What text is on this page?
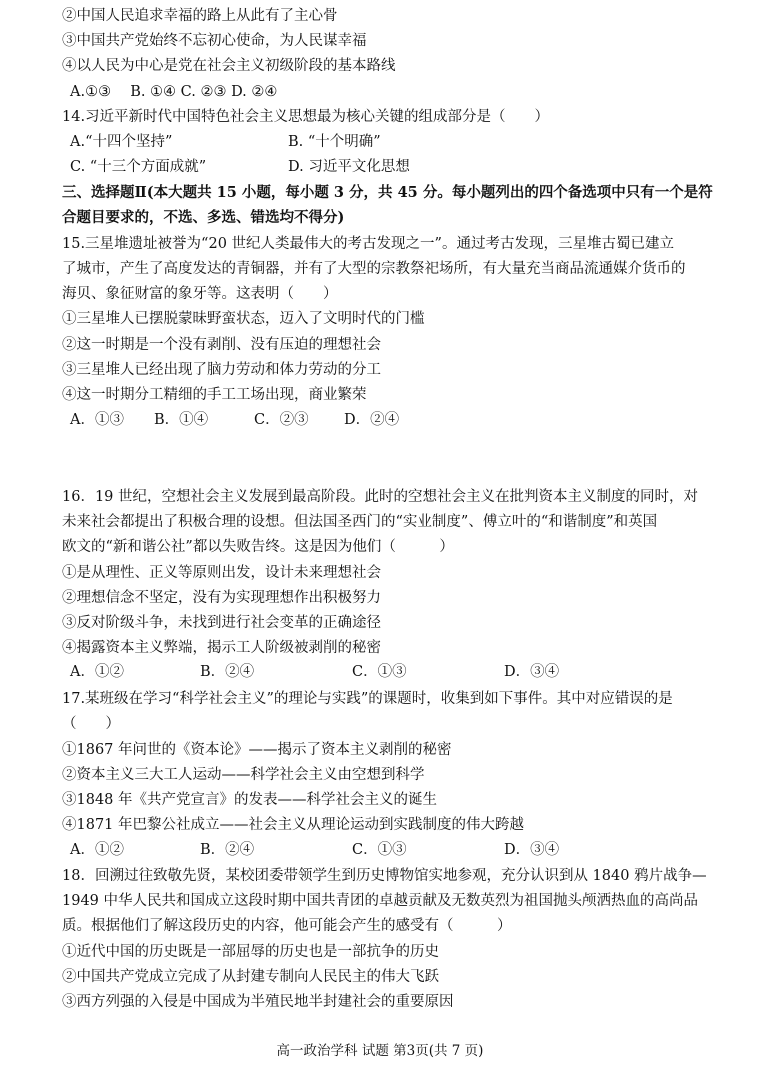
②中国人民追求幸福的路上从此有了主心骨
③中国共产党始终不忘初心使命，为人民谋幸福
④以人民为中心是党在社会主义初级阶段的基本路线
A.①③　 B. ①④ C. ②③ D. ②④
14.习近平新时代中国特色社会主义思想最为核心关键的组成部分是（　　）
A.“十四个坚持”	B. “十个明确”
C. “十三个方面成就”	D. 习近平文化思想
三、选择题Ⅱ(本大题共 15 小题，每小题 3 分，共 45 分。每小题列出的四个备选项中只有一个是符
合题目要求的，不选、多选、错选均不得分)
15.三星堆遗址被誉为“20 世纪人类最伟大的考古发现之一”。通过考古发现，三星堆古蜀已建立
了城市，产生了高度发达的青铜器，并有了大型的宗教祭祀场所，有大量充当商品流通媒介货币的
海贝、象征财富的象牙等。这表明（　　）
①三星堆人已摆脱蒙昧野蛮状态，迈入了文明时代的门槛
②这一时期是一个没有剥削、没有压迫的理想社会
③三星堆人已经出现了脑力劳动和体力劳动的分工
④这一时期分工精细的手工工场出现，商业繁荣
A．①③ B．①④	C．②③ D．②④
16．19 世纪，空想社会主义发展到最高阶段。此时的空想社会主义在批判资本主义制度的同时，对
未来社会都提出了积极合理的设想。但法国圣西门的“实业制度”、傅立叶的“和谐制度”和英国
欧文的“新和谐公社”都以失败告终。这是因为他们（　　　）
①是从理性、正义等原则出发，设计未来理想社会
②理想信念不坚定，没有为实现理想作出积极努力
③反对阶级斗争，未找到进行社会变革的正确途径
④揭露资本主义弊端，揭示工人阶级被剥削的秘密
A．①②	B．②④	C．①③	D．③④
17.某班级在学习“科学社会主义”的理论与实践”的课题时，收集到如下事件。其中对应错误的是
（　　）
①1867 年问世的《资本论》——揭示了资本主义剥削的秘密
②资本主义三大工人运动——科学社会主义由空想到科学
③1848 年《共产党宣言》的发表——科学社会主义的诞生
④1871 年巴黎公社成立——社会主义从理论运动到实践制度的伟大跨越
A．①②	B．②④	C．①③	D．③④
18．回溯过往致敬先贤，某校团委带领学生到历史博物馆实地参观，充分认识到从 1840 鸦片战争—
1949 中华人民共和国成立这段时期中国共青团的卓越贡献及无数英烈为祖国抛头颅洒热血的高尚品
质。根据他们了解这段历史的内容，他可能会产生的感受有（　　　）
①近代中国的历史既是一部屈辱的历史也是一部抗争的历史
②中国共产党成立完成了从封建专制向人民民主的伟大飞跃
③西方列强的入侵是中国成为半殖民地半封建社会的重要原因
高一政治学科 试题 第3页(共 7 页)
